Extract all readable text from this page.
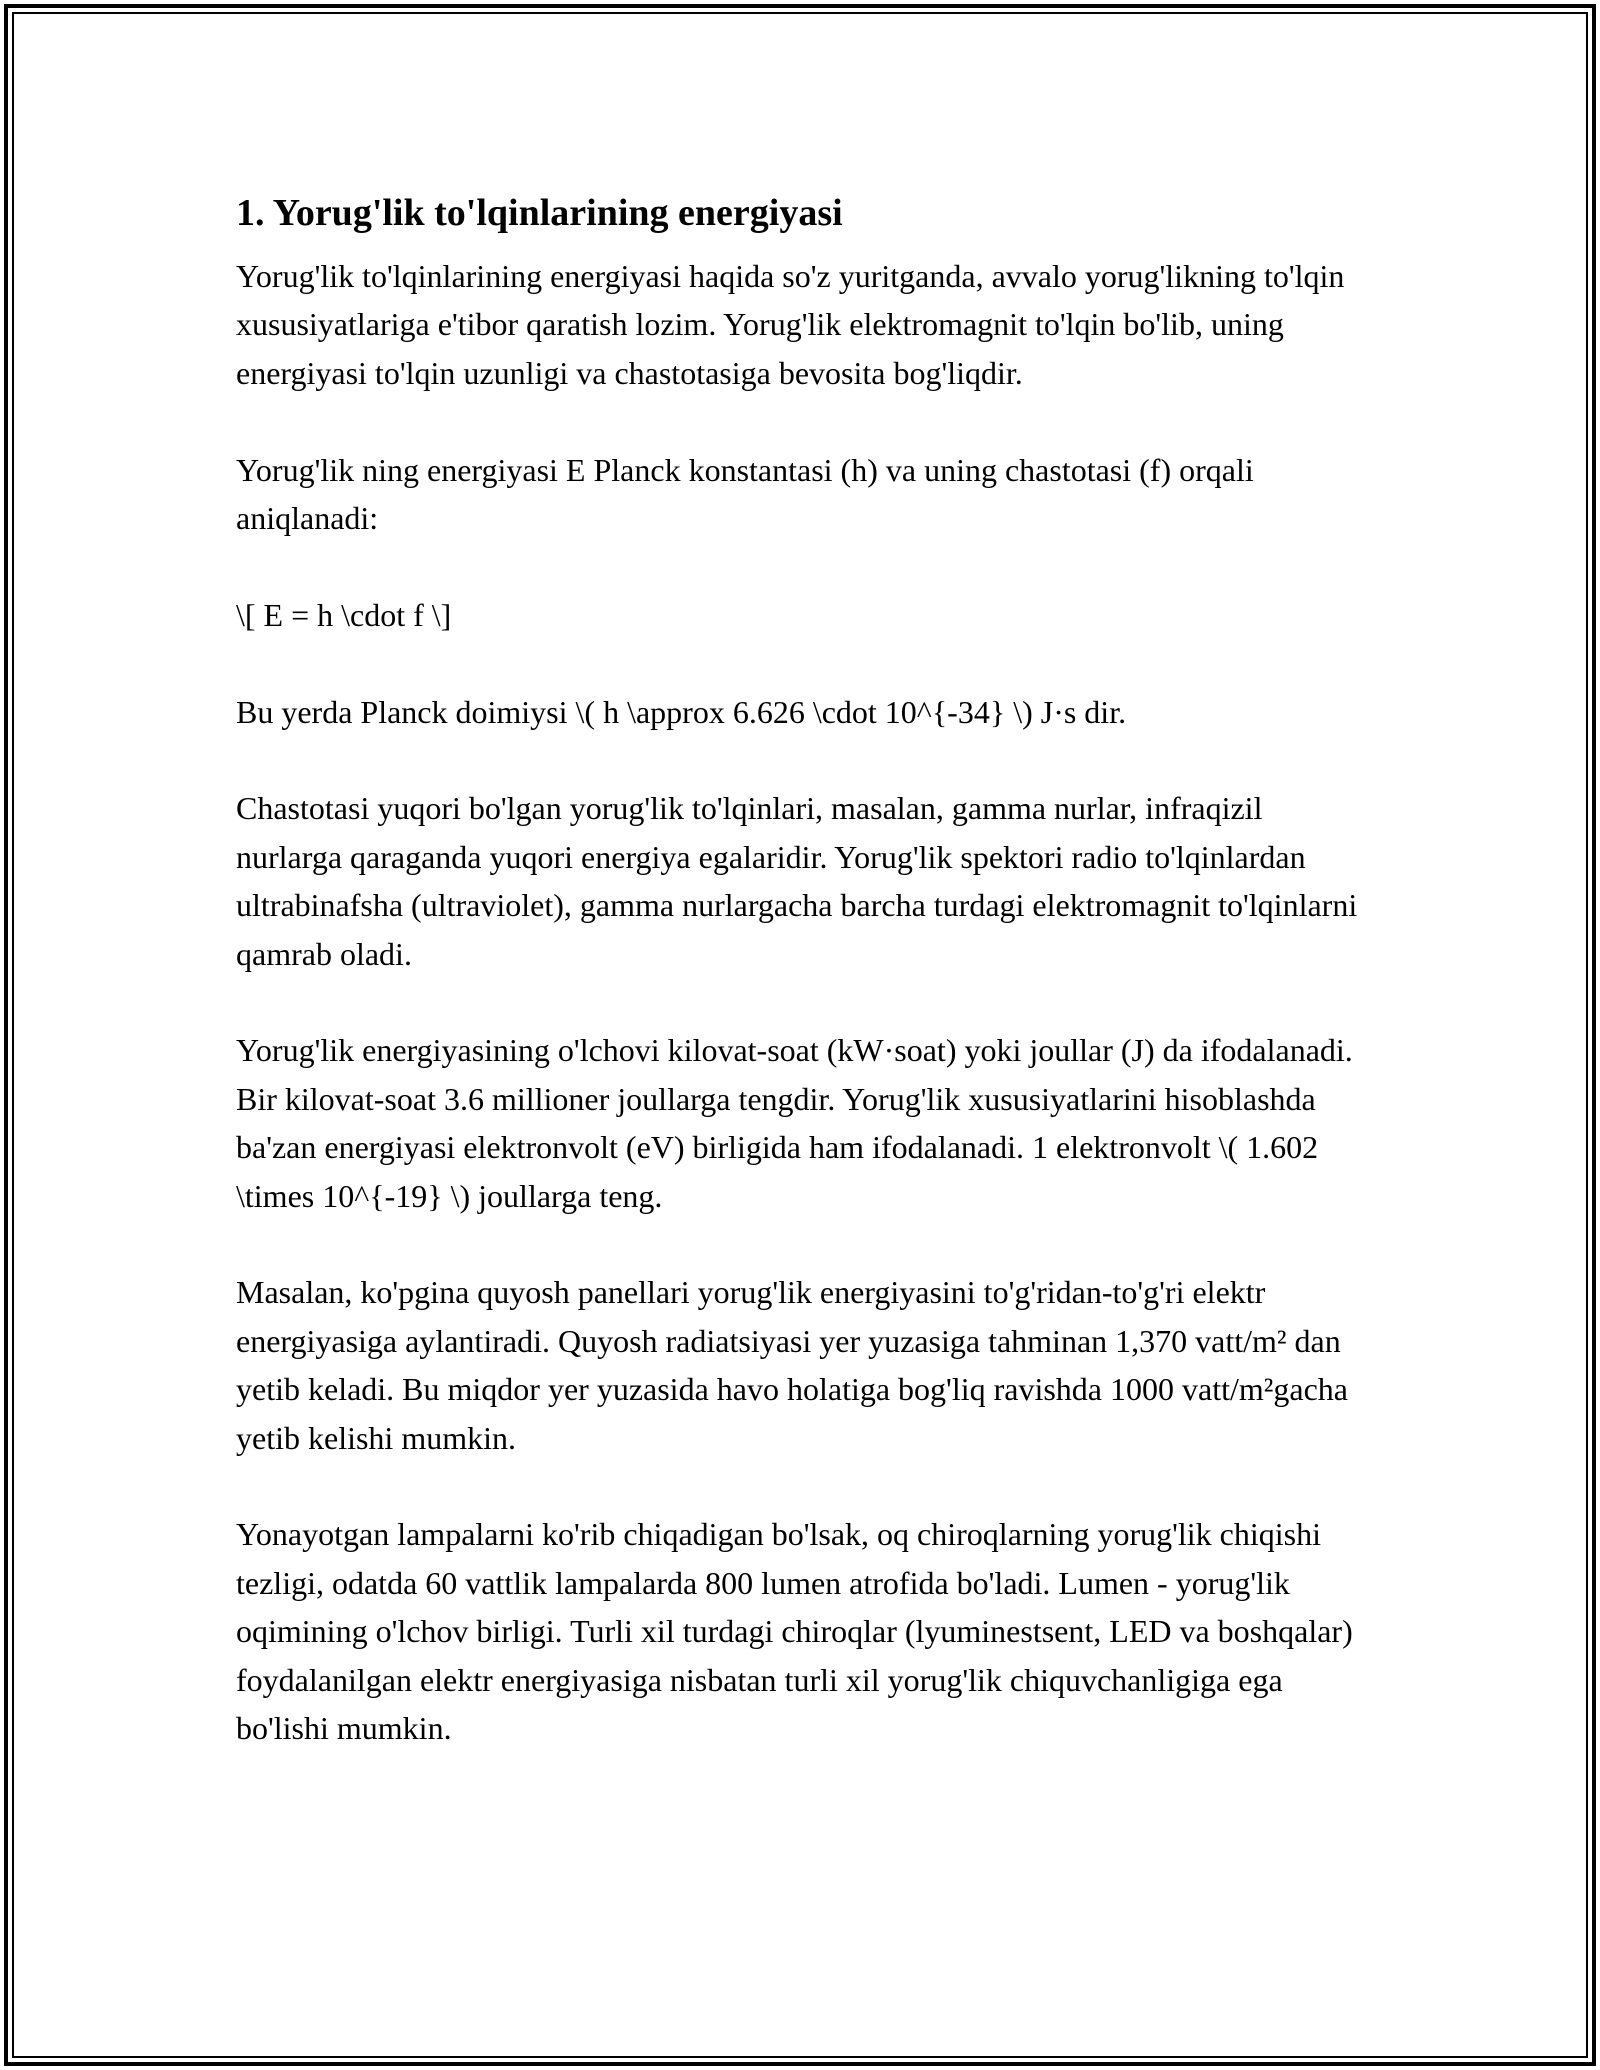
1. Yorug'lik to'lqinlarining energiyasi

Yorug'lik to'lqinlarining energiyasi haqida so'z yuritganda, avvalo yorug'likning to'lqin xususiyatlariga e'tibor qaratish lozim. Yorug'lik elektromagnit to'lqin bo'lib, uning energiyasi to'lqin uzunligi va chastotasiga bevosita bog'liqdir.

Yorug'lik ning energiyasi E Planck konstantasi (h) va uning chastotasi (f) orqali aniqlanadi:

\[ E = h \cdot f \]

Bu yerda Planck doimiysi \( h \approx 6.626 \cdot 10^{-34} \) J·s dir.

Chastotasi yuqori bo'lgan yorug'lik to'lqinlari, masalan, gamma nurlar, infraqizil nurlarga qaraganda yuqori energiya egalaridir. Yorug'lik spektori radio to'lqinlardan ultrabinafsha (ultraviolet), gamma nurlargacha barcha turdagi elektromagnit to'lqinlarni qamrab oladi.

Yorug'lik energiyasining o'lchovi kilovat-soat (kW·soat) yoki joullar (J) da ifodalanadi. Bir kilovat-soat 3.6 millioner joullarga tengdir. Yorug'lik xususiyatlarini hisoblashda ba'zan energiyasi elektronvolt (eV) birligida ham ifodalanadi. 1 elektronvolt \( 1.602 \times 10^{-19} \) joullarga teng.

Masalan, ko'pgina quyosh panellari yorug'lik energiyasini to'g'ridan-to'g'ri elektr energiyasiga aylantiradi. Quyosh radiatsiyasi yer yuzasiga tahminan 1,370 vatt/m² dan yetib keladi. Bu miqdor yer yuzasida havo holatiga bog'liq ravishda 1000 vatt/m²gacha yetib kelishi mumkin.

Yonayotgan lampalarni ko'rib chiqadigan bo'lsak, oq chiroqlarning yorug'lik chiqishi tezligi, odatda 60 vattlik lampalarda 800 lumen atrofida bo'ladi. Lumen - yorug'lik oqimining o'lchov birligi. Turli xil turdagi chiroqlar (lyuminestsent, LED va boshqalar) foydalanilgan elektr energiyasiga nisbatan turli xil yorug'lik chiquvchanligiga ega bo'lishi mumkin.
